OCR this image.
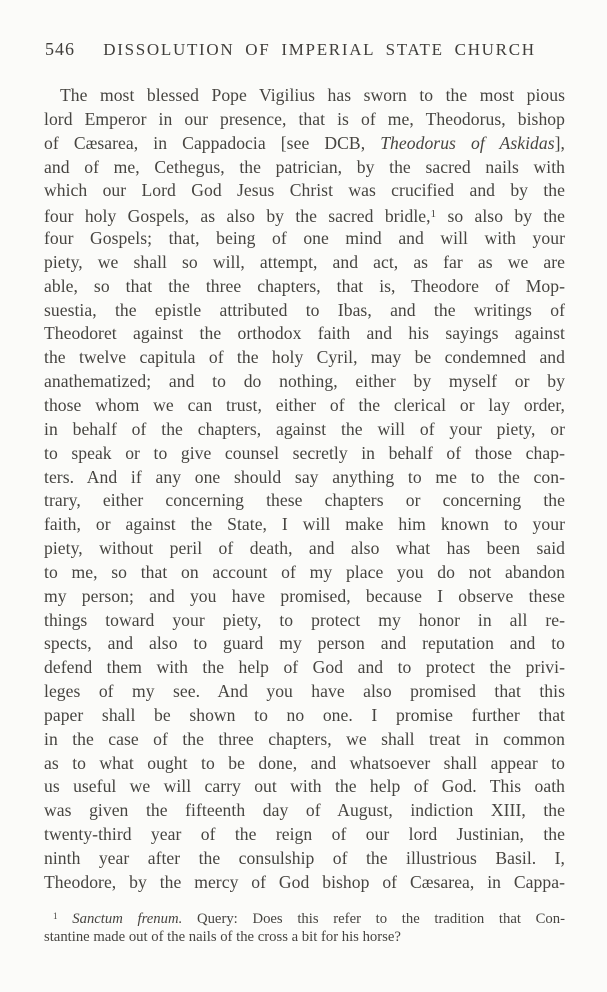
546	DISSOLUTION OF IMPERIAL STATE CHURCH
The most blessed Pope Vigilius has sworn to the most pious
lord Emperor in our presence, that is of me, Theodorus, bishop
of Cæsarea, in Cappadocia [see DCB, Theodorus of Askidas],
and of me, Cethegus, the patrician, by the sacred nails with
which our Lord God Jesus Christ was crucified and by the
four holy Gospels, as also by the sacred bridle,$^1$ so also by the
four Gospels; that, being of one mind and will with your
piety, we shall so will, attempt, and act, as far as we are
able, so that the three chapters, that is, Theodore of Mop-
suestia, the epistle attributed to Ibas, and the writings of
Theodoret against the orthodox faith and his sayings against
the twelve capitula of the holy Cyril, may be condemned and
anathematized; and to do nothing, either by myself or by
those whom we can trust, either of the clerical or lay order,
in behalf of the chapters, against the will of your piety, or
to speak or to give counsel secretly in behalf of those chap-
ters. And if any one should say anything to me to the con-
trary, either concerning these chapters or concerning the
faith, or against the State, I will make him known to your
piety, without peril of death, and also what has been said
to me, so that on account of my place you do not abandon
my person; and you have promised, because I observe these
things toward your piety, to protect my honor in all re-
spects, and also to guard my person and reputation and to
defend them with the help of God and to protect the privi-
leges of my see. And you have also promised that this
paper shall be shown to no one. I promise further that
in the case of the three chapters, we shall treat in common
as to what ought to be done, and whatsoever shall appear to
us useful we will carry out with the help of God. This oath
was given the fifteenth day of August, indiction XIII, the
twenty-third year of the reign of our lord Justinian, the
ninth year after the consulship of the illustrious Basil. I,
Theodore, by the mercy of God bishop of Cæsarea, in Cappa-
$^1$ Sanctum frenum. Query: Does this refer to the tradition that Con-
stantine made out of the nails of the cross a bit for his horse?
